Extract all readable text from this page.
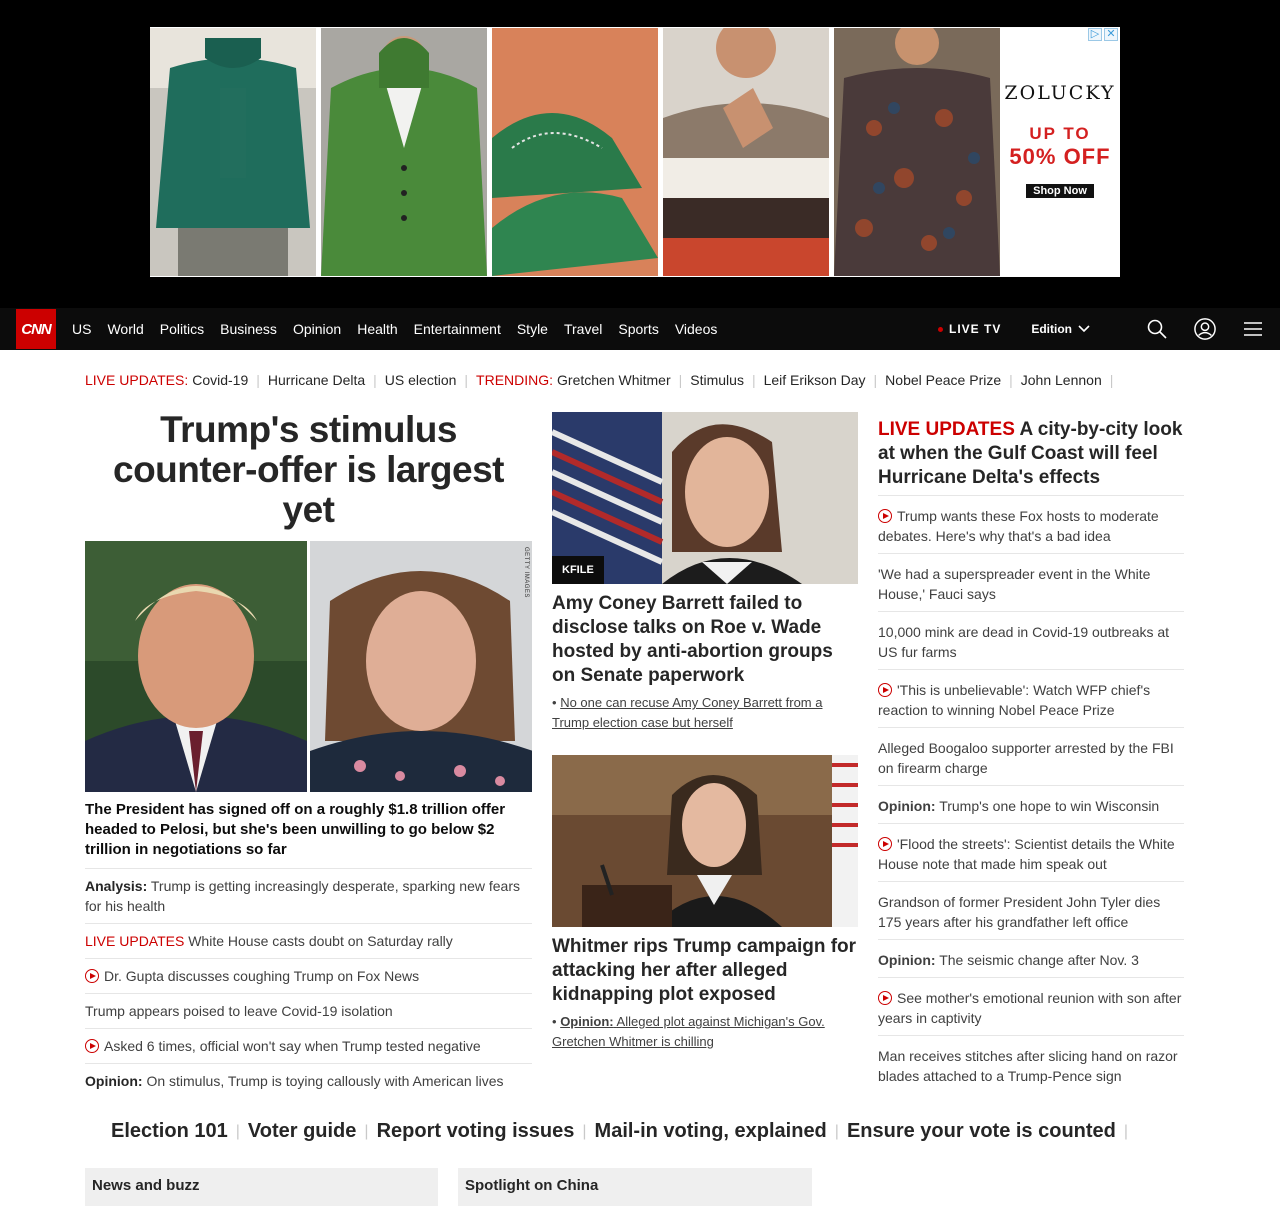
▷ ✕
ZOLUCKY
UP TO
50% OFF
Shop Now
CNN	US World Politics Business Opinion Health Entertainment Style Travel Sports Videos	LIVE TV	Edition
LIVE UPDATES: Covid-19 | Hurricane Delta | US election | TRENDING: Gretchen Whitmer | Stimulus | Leif Erikson Day | Nobel Peace Prize | John Lennon |
Trump's stimulus counter-offer is largest yet
GETTY IMAGES
The President has signed off on a roughly $1.8 trillion offer headed to Pelosi, but she's been unwilling to go below $2 trillion in negotiations so far
Analysis: Trump is getting increasingly desperate, sparking new fears for his health
LIVE UPDATES White House casts doubt on Saturday rally
Dr. Gupta discusses coughing Trump on Fox News
Trump appears poised to leave Covid-19 isolation
Asked 6 times, official won't say when Trump tested negative
Opinion: On stimulus, Trump is toying callously with American lives
KFILE
Amy Coney Barrett failed to disclose talks on Roe v. Wade hosted by anti-abortion groups on Senate paperwork
• No one can recuse Amy Coney Barrett from a Trump election case but herself
Whitmer rips Trump campaign for attacking her after alleged kidnapping plot exposed
• Opinion: Alleged plot against Michigan's Gov. Gretchen Whitmer is chilling
LIVE UPDATES A city-by-city look at when the Gulf Coast will feel Hurricane Delta's effects
Trump wants these Fox hosts to moderate debates. Here's why that's a bad idea
'We had a superspreader event in the White House,' Fauci says
10,000 mink are dead in Covid-19 outbreaks at US fur farms
'This is unbelievable': Watch WFP chief's reaction to winning Nobel Peace Prize
Alleged Boogaloo supporter arrested by the FBI on firearm charge
Opinion: Trump's one hope to win Wisconsin
'Flood the streets': Scientist details the White House note that made him speak out
Grandson of former President John Tyler dies 175 years after his grandfather left office
Opinion: The seismic change after Nov. 3
See mother's emotional reunion with son after years in captivity
Man receives stitches after slicing hand on razor blades attached to a Trump-Pence sign
Election 101 | Voter guide | Report voting issues | Mail-in voting, explained | Ensure your vote is counted |
News and buzz	Spotlight on China
